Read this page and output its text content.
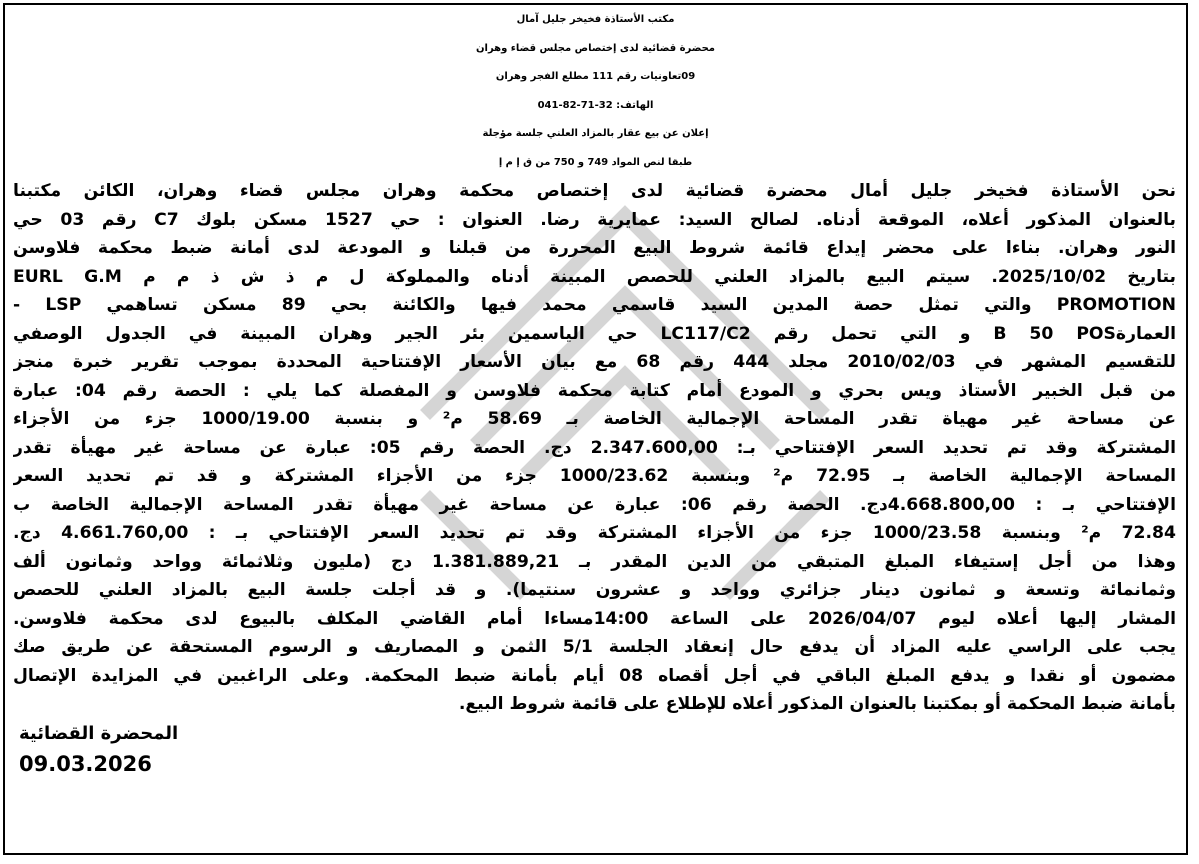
مكتب الأستاذة فخيخر جليل آمال
محضرة قضائية لدى إختصاص مجلس قضاء وهران
09تعاونيات رقم 111 مطلع الفجر وهران
الهاتف: 32-71-82-041
إعلان عن بيع عقار بالمزاد العلني جلسة مؤجلة
طبقا لنص المواد 749 و 750 من ق إ م إ
نحن الأستاذة فخيخر جليل أمال محضرة قضائية لدى إختصاص محكمة وهران مجلس قضاء وهران، الكائن مكتبنا
بالعنوان المذكور أعلاه، الموقعة أدناه. لصالح السيد: عمايرية رضا. العنوان : حي 1527 مسكن بلوك C7 رقم 03 حي
النور وهران. بناءا على محضر إيداع قائمة شروط البيع المحررة من قبلنا و المودعة لدى أمانة ضبط محكمة فلاوسن
بتاريخ 2025/10/02. سيتم البيع بالمزاد العلني للحصص المبينة أدناه والمملوكة ل م ذ ش ذ م م EURL G.M
PROMOTION والتي تمثل حصة المدين السيد قاسمي محمد فيها والكائنة بحي 89 مسكن تساهمي LSP -
العمارةB 50 POS و التي تحمل رقم LC117/C2 حي الياسمين بئر الجير وهران المبينة في الجدول الوصفي
للتقسيم المشهر في 2010/02/03 مجلد 444 رقم 68 مع بيان الأسعار الإفتتاحية المحددة بموجب تقرير خبرة منجز
من قبل الخبير الأستاذ ويس بحري و المودع أمام كتابة محكمة فلاوسن و المفصلة كما يلي : الحصة رقم 04: عبارة
عن مساحة غير مهياة تقدر المساحة الإجمالية الخاصة بـ 58.69 م² و بنسبة 1000/19.00 جزء من الأجزاء
المشتركة وقد تم تحديد السعر الإفتتاحي بـ: 2.347.600,00 دج. الحصة رقم 05: عبارة عن مساحة غير مهيأة تقدر
المساحة الإجمالية الخاصة بـ 72.95 م² وبنسبة 1000/23.62 جزء من الأجزاء المشتركة و قد تم تحديد السعر
الإفتتاحي بـ : 4.668.800,00دج. الحصة رقم 06: عبارة عن مساحة غير مهيأة تقدر المساحة الإجمالية الخاصة ب
72.84 م² وبنسبة 1000/23.58 جزء من الأجزاء المشتركة وقد تم تحديد السعر الإفتتاحي بـ : 4.661.760,00 دج.
وهذا من أجل إستيفاء المبلغ المتبقي من الدين المقدر بـ 1.381.889,21 دج (مليون وثلاثمائة وواحد وثمانون ألف
وثمانمائة وتسعة و ثمانون دينار جزائري وواحد و عشرون سنتيما). و قد أجلت جلسة البيع بالمزاد العلني للحصص
المشار إليها أعلاه ليوم 2026/04/07 على الساعة 14:00مساءا أمام القاضي المكلف بالبيوع لدى محكمة فلاوسن.
يجب على الراسي عليه المزاد أن يدفع حال إنعقاد الجلسة 5/1 الثمن و المصاريف و الرسوم المستحقة عن طريق صك
مضمون أو نقدا و يدفع المبلغ الباقي في أجل أقصاه 08 أيام بأمانة ضبط المحكمة. وعلى الراغبين في المزايدة الإتصال
بأمانة ضبط المحكمة أو بمكتبنا بالعنوان المذكور أعلاه للإطلاع على قائمة شروط البيع.
المحضرة القضائية
09.03.2026
